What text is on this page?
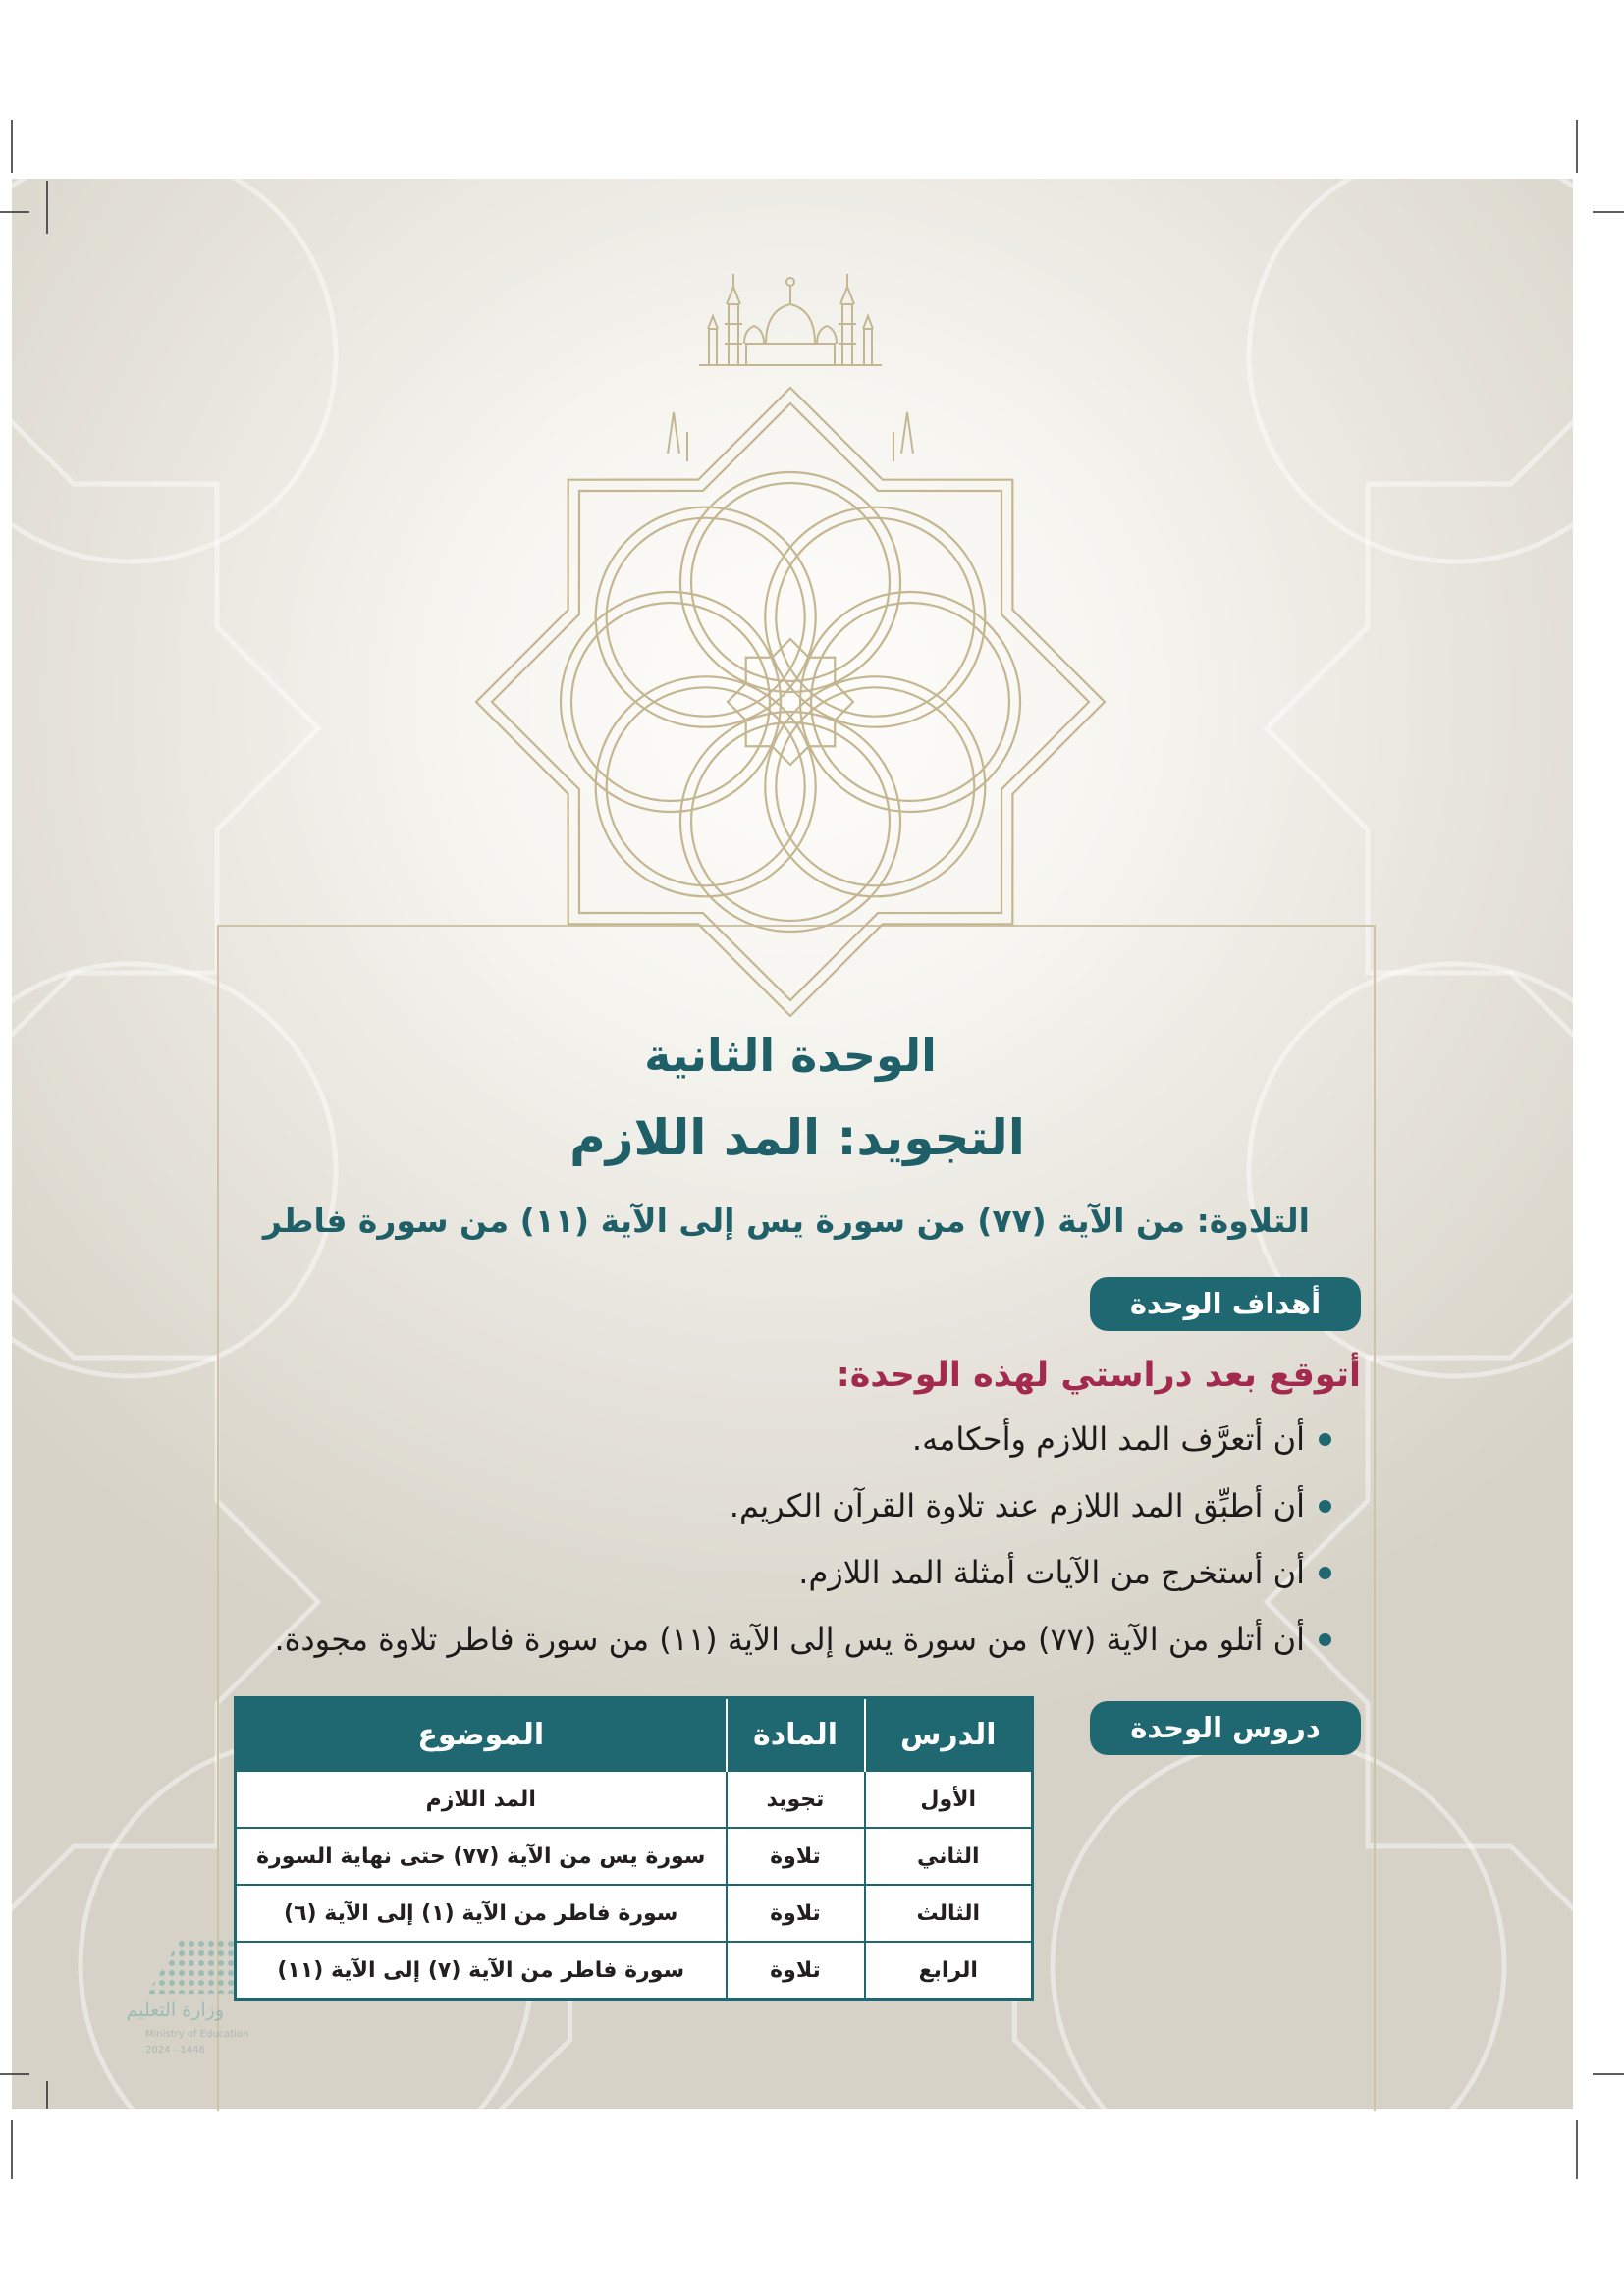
الوحدة الثانية
التجويد: المد اللازم
التلاوة: من الآية (٧٧) من سورة يس إلى الآية (١١) من سورة فاطر
أهداف الوحدة
أتوقع بعد دراستي لهذه الوحدة:
أن أتعرَّف المد اللازم وأحكامه.
أن أطبِّق المد اللازم عند تلاوة القرآن الكريم.
أن أستخرج من الآيات أمثلة المد اللازم.
أن أتلو من الآية (٧٧) من سورة يس إلى الآية (١١) من سورة فاطر تلاوة مجودة.
وزارة التعليم
Ministry of Education
2024 - 1446
دروس الوحدة
الدرس	المادة	الموضوع
الأول	تجويد	المد اللازم
الثاني	تلاوة	سورة يس من الآية (٧٧) حتى نهاية السورة
الثالث	تلاوة	سورة فاطر من الآية (١) إلى الآية (٦)
الرابع	تلاوة	سورة فاطر من الآية (٧) إلى الآية (١١)
